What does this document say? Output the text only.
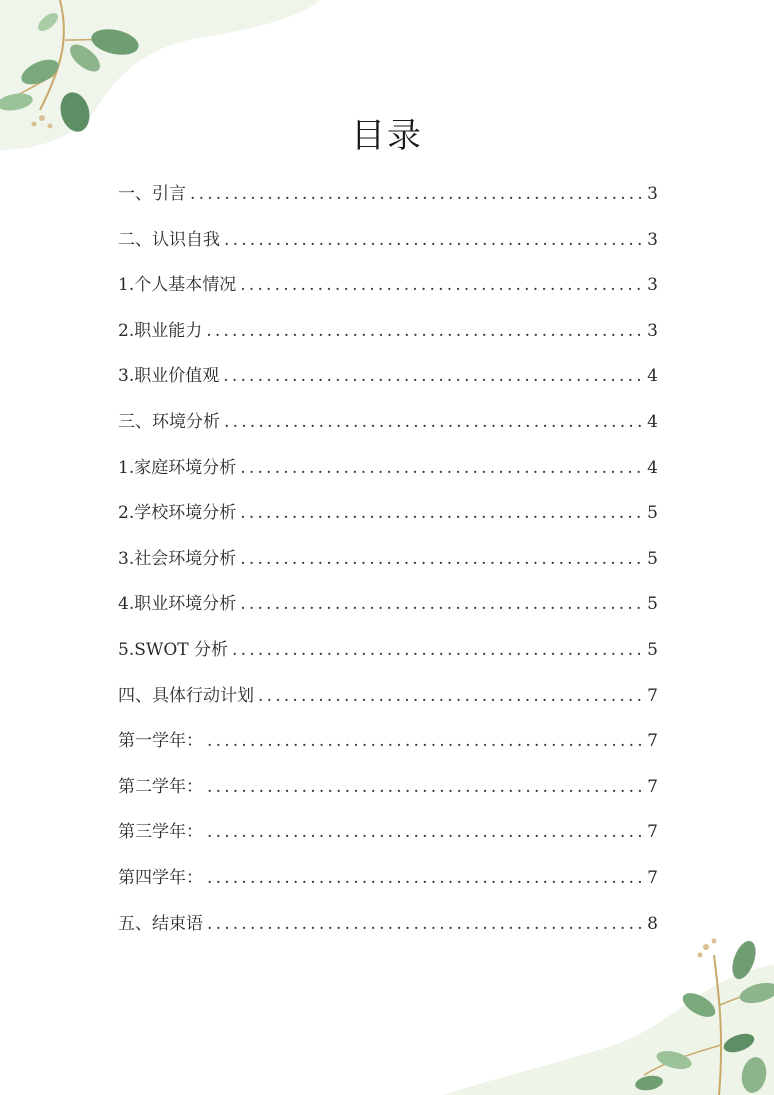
目录
一、引言 .....	3
二、认识自我 .....	3
1.个人基本情况 .....	3
2.职业能力 .....	3
3.职业价值观 .....	4
三、环境分析 .....	4
1.家庭环境分析 .....	4
2.学校环境分析 .....	5
3.社会环境分析 .....	5
4.职业环境分析 .....	5
5.SWOT 分析 .....	5
四、具体行动计划 .....	7
第一学年： .....	7
第二学年： .....	7
第三学年： .....	7
第四学年： .....	7
五、结束语 .....	8
